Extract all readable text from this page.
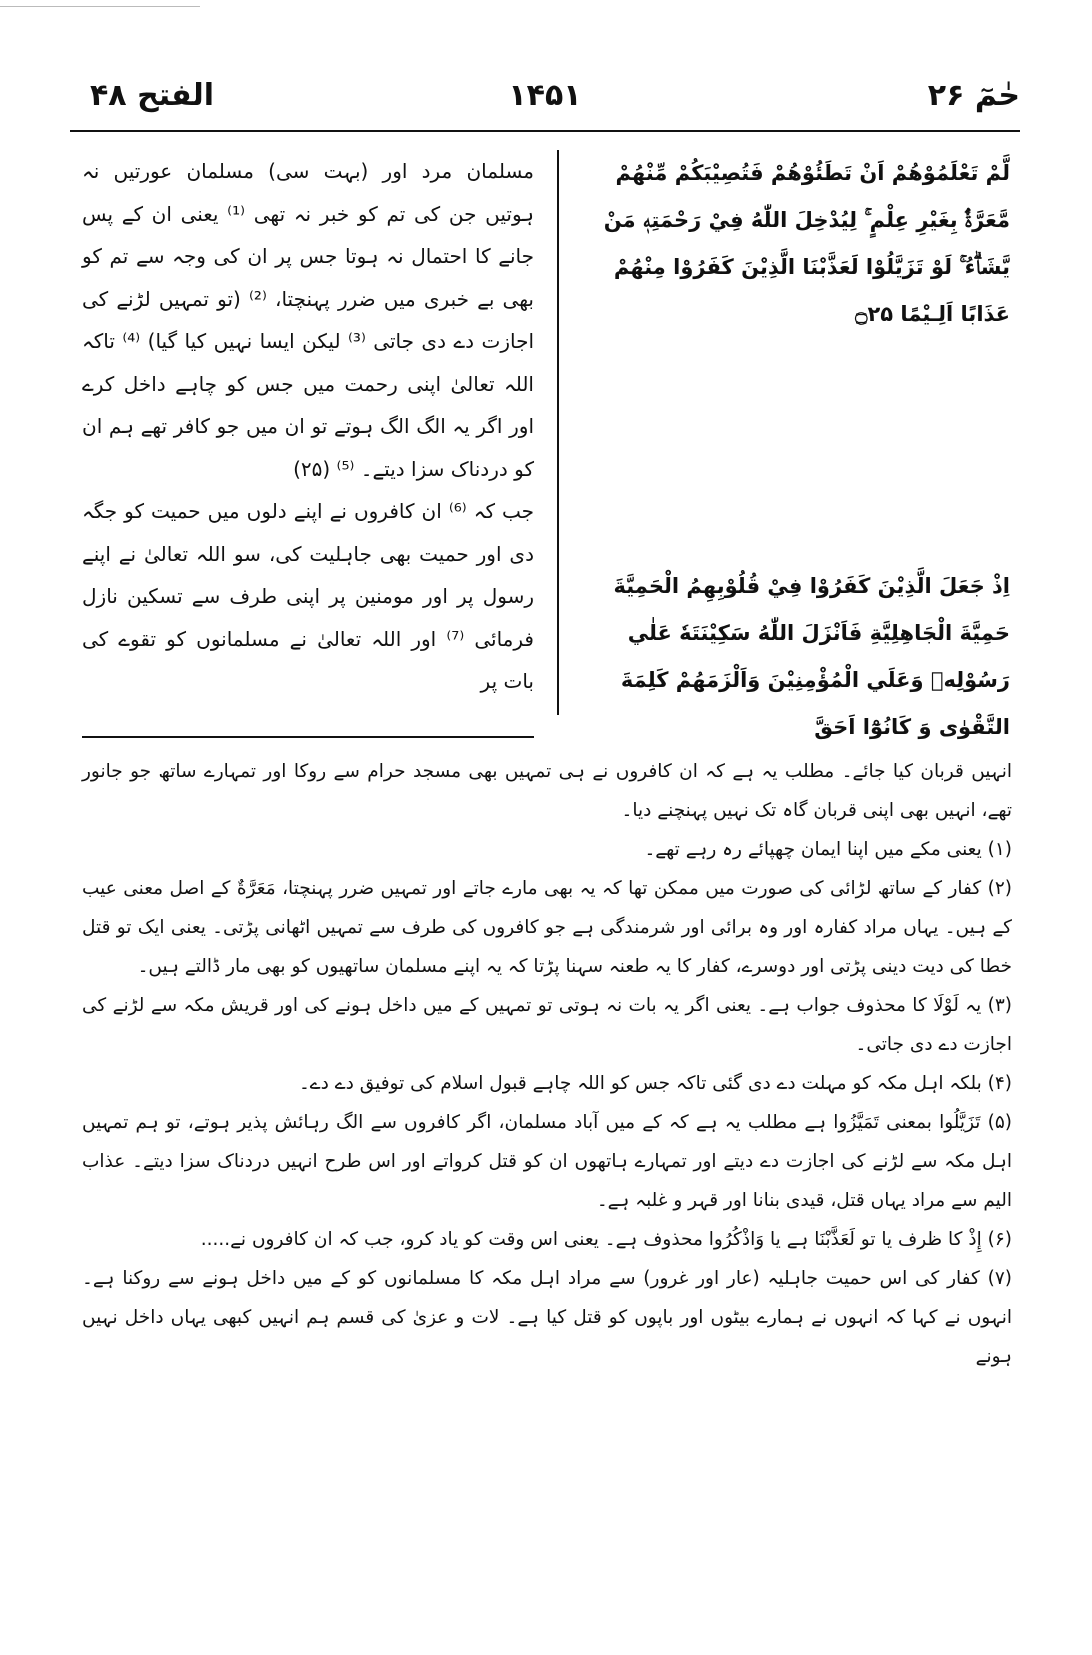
الفتح ۴۸	۱۴۵۱	حٰمٓ ۲۶

مسلمان مرد اور (بہت سی) مسلمان عورتیں نہ ہوتیں جن کی تم کو خبر نہ تھی ⁽¹⁾ یعنی ان کے پس جانے کا احتمال نہ ہوتا جس پر ان کی وجہ سے تم کو بھی بے خبری میں ضرر پہنچتا، ⁽²⁾ (تو تمہیں لڑنے کی اجازت دے دی جاتی ⁽³⁾ لیکن ایسا نہیں کیا گیا) ⁽⁴⁾ تاکہ اللہ تعالیٰ اپنی رحمت میں جس کو چاہے داخل کرے اور اگر یہ الگ الگ ہوتے تو ان میں جو کافر تھے ہم ان کو دردناک سزا دیتے۔ ⁽⁵⁾ (۲۵)

جب کہ ⁽⁶⁾ ان کافروں نے اپنے دلوں میں حمیت کو جگہ دی اور حمیت بھی جاہلیت کی، سو اللہ تعالیٰ نے اپنے رسول پر اور مومنین پر اپنی طرف سے تسکین نازل فرمائی ⁽⁷⁾ اور اللہ تعالیٰ نے مسلمانوں کو تقوے کی بات پر

لَّمْ تَعْلَمُوْهُمْ اَنْ تَطَئُوْهُمْ فَتُصِيْبَكُمْ مِّنْهُمْ مَّعَرَّةٌۢ بِغَيْرِ عِلْمٍ ۚ لِيُدْخِلَ اللّٰهُ فِيْ رَحْمَتِهٖ مَنْ يَّشَاۗءُ ۚ لَوْ تَزَيَّلُوْا لَعَذَّبْنَا الَّذِيْنَ كَفَرُوْا مِنْهُمْ عَذَابًا اَلِـيْمًا ۝۲۵

اِذْ جَعَلَ الَّذِيْنَ كَفَرُوْا فِيْ قُلُوْبِهِمُ الْحَمِيَّةَ حَمِيَّةَ الْجَاهِلِيَّةِ فَاَنْزَلَ اللّٰهُ سَكِيْنَتَهٗ عَلٰي رَسُوْلِهٖ وَعَلَي الْمُؤْمِنِيْنَ وَاَلْزَمَهُمْ كَلِمَةَ التَّقْوٰى وَ كَانُوْٓا اَحَقَّ

انہیں قربان کیا جائے۔ مطلب یہ ہے کہ ان کافروں نے ہی تمہیں بھی مسجد حرام سے روکا اور تمہارے ساتھ جو جانور تھے، انہیں بھی اپنی قربان گاہ تک نہیں پہنچنے دیا۔

(۱) یعنی مکے میں اپنا ایمان چھپائے رہ رہے تھے۔

(۲) کفار کے ساتھ لڑائی کی صورت میں ممکن تھا کہ یہ بھی مارے جاتے اور تمہیں ضرر پہنچتا، مَعَرَّةٌ کے اصل معنی عیب کے ہیں۔ یہاں مراد کفارہ اور وہ برائی اور شرمندگی ہے جو کافروں کی طرف سے تمہیں اٹھانی پڑتی۔ یعنی ایک تو قتل خطا کی دیت دینی پڑتی اور دوسرے، کفار کا یہ طعنہ سہنا پڑتا کہ یہ اپنے مسلمان ساتھیوں کو بھی مار ڈالتے ہیں۔

(۳) یہ لَوْلَا کا محذوف جواب ہے۔ یعنی اگر یہ بات نہ ہوتی تو تمہیں کے میں داخل ہونے کی اور قریش مکہ سے لڑنے کی اجازت دے دی جاتی۔

(۴) بلکہ اہل مکہ کو مہلت دے دی گئی تاکہ جس کو اللہ چاہے قبول اسلام کی توفیق دے دے۔

(۵) تَزَيَّلُوا بمعنی تَمَيَّزُوا ہے مطلب یہ ہے کہ کے میں آباد مسلمان، اگر کافروں سے الگ رہائش پذیر ہوتے، تو ہم تمہیں اہل مکہ سے لڑنے کی اجازت دے دیتے اور تمہارے ہاتھوں ان کو قتل کرواتے اور اس طرح انہیں دردناک سزا دیتے۔ عذاب الیم سے مراد یہاں قتل، قیدی بنانا اور قہر و غلبہ ہے۔

(۶) إِذْ کا ظرف یا تو لَعَذَّبْنَا ہے یا وَاذْكُرُوا محذوف ہے۔ یعنی اس وقت کو یاد کرو، جب کہ ان کافروں نے.....

(۷) کفار کی اس حمیت جاہلیہ (عار اور غرور) سے مراد اہل مکہ کا مسلمانوں کو کے میں داخل ہونے سے روکنا ہے۔ انہوں نے کہا کہ انہوں نے ہمارے بیٹوں اور باپوں کو قتل کیا ہے۔ لات و عزیٰ کی قسم ہم انہیں کبھی یہاں داخل نہیں ہونے
